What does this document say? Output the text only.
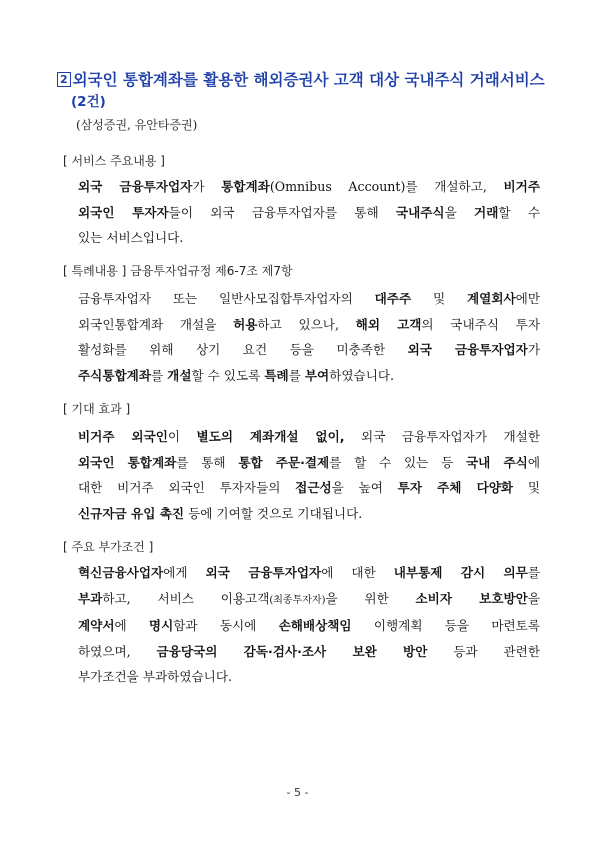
2 외국인 통합계좌를 활용한 해외증권사 고객 대상 국내주식 거래서비스
(2건)
(삼성증권, 유안타증권)
[ 서비스 주요내용 ]
외국 금융투자업자가 통합계좌(Omnibus Account)를 개설하고, 비거주
외국인 투자자들이 외국 금융투자업자를 통해 국내주식을 거래할 수
있는 서비스입니다.
[ 특례내용 ] 금융투자업규정 제6-7조 제7항
금융투자업자 또는 일반사모집합투자업자의 대주주 및 계열회사에만
외국인통합계좌 개설을 허용하고 있으나, 해외 고객의 국내주식 투자
활성화를 위해 상기 요건 등을 미충족한 외국 금융투자업자가
주식통합계좌를 개설할 수 있도록 특례를 부여하였습니다.
[ 기대 효과 ]
비거주 외국인이 별도의 계좌개설 없이, 외국 금융투자업자가 개설한
외국인 통합계좌를 통해 통합 주문·결제를 할 수 있는 등 국내 주식에
대한 비거주 외국인 투자자들의 접근성을 높여 투자 주체 다양화 및
신규자금 유입 촉진 등에 기여할 것으로 기대됩니다.
[ 주요 부가조건 ]
혁신금융사업자에게 외국 금융투자업자에 대한 내부통제 감시 의무를
부과하고, 서비스 이용고객(최종투자자)을 위한 소비자 보호방안을
계약서에 명시함과 동시에 손해배상책임 이행계획 등을 마련토록
하였으며, 금융당국의 감독·검사·조사 보완 방안 등과 관련한
부가조건을 부과하였습니다.
- 5 -
